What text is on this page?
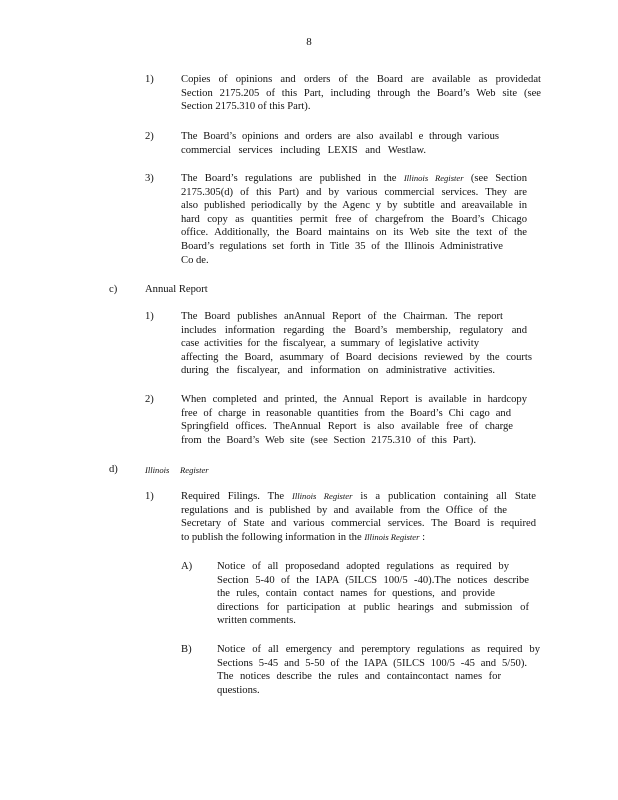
8
1)	Copies of opinions and orders of the Board are available as providedat
Section 2175.205 of this Part, including through the Board’s Web site (see
Section 2175.310 of this Part).
2)	The Board’s opinions and orders are also availabl e through various
commercial services including LEXIS and Westlaw.
3)	The Board’s regulations are published in the Illinois Register (see Section
2175.305(d) of this Part) and by various commercial services. They are
also published periodically by the Agenc y by subtitle and areavailable in
hard copy as quantities permit free of chargefrom the Board’s Chicago
office. Additionally, the Board maintains on its Web site the text of the
Board’s regulations set forth in Title 35 of the Illinois Administrative
Co de.
c)	Annual Report
1)	The Board publishes anAnnual Report of the Chairman. The report
includes information regarding the Board’s membership, regulatory and
case activities for the fiscalyear, a summary of legislative activity
affecting the Board, asummary of Board decisions reviewed by the courts
during the fiscalyear, and information on administrative activities.
2)	When completed and printed, the Annual Report is available in hardcopy
free of charge in reasonable quantities from the Board’s Chi cago and
Springfield offices. TheAnnual Report is also available free of charge
from the Board’s Web site (see Section 2175.310 of this Part).
d)	Illinois Register
1)	Required Filings. The Illinois Register is a publication containing all State
regulations and is published by and available from the Office of the
Secretary of State and various commercial services. The Board is required
to publish the following information in the Illinois Register :
A)	Notice of all proposedand adopted regulations as required by
Section 5-40 of the IAPA (5ILCS 100/5 -40).The notices describe
the rules, contain contact names for questions, and provide
directions for participation at public hearings and submission of
written comments.
B)	Notice of all emergency and peremptory regulations as required by
Sections 5-45 and 5-50 of the IAPA (5ILCS 100/5 -45 and 5/50).
The notices describe the rules and containcontact names for
questions.
